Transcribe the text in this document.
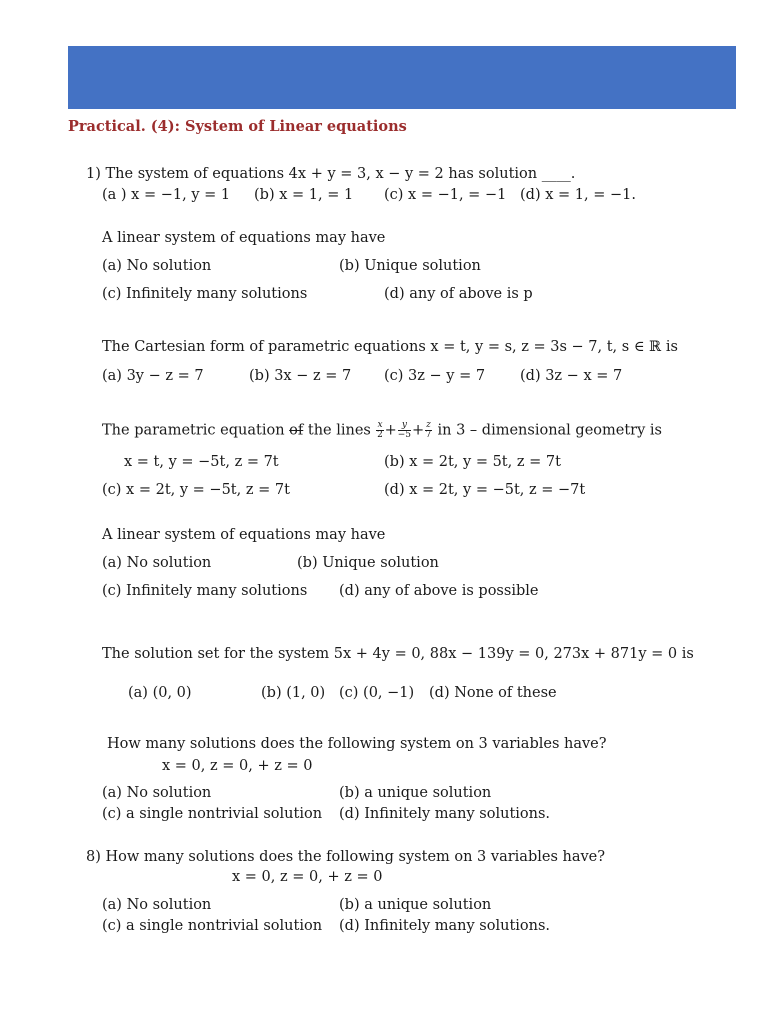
Practical. (4): System of Linear equations
1) The system of equations 4x + y = 3, x − y = 2 has solution ____.
(a ) x = −1, y = 1 (b) x = 1, = 1 (c) x = −1, = −1 (d) x = 1, = −1.
A linear system of equations may have
(a) No solution	(b) Unique solution
(c) Infinitely many solutions	(d) any of above is p
The Cartesian form of parametric equations x = t, y = s, z = 3s − 7, t, s ∈ ℝ is
(a) 3y − z = 7	(b) 3x − z = 7 (c) 3z − y = 7 (d) 3z − x = 7
The parametric equation of the lines $\frac{x}{2} + \frac{y}{-5} + \frac{z}{7}$ in 3 – dimensional geometry is
x = t, y = −5t, z = 7t	(b) x = 2t, y = 5t, z = 7t
(c) x = 2t, y = −5t, z = 7t	(d) x = 2t, y = −5t, z = −7t
A linear system of equations may have
(a) No solution	(b) Unique solution
(c) Infinitely many solutions (d) any of above is possible
The solution set for the system 5x + 4y = 0, 88x − 139y = 0, 273x + 871y = 0 is
(a) (0, 0)	(b) (1, 0) (c) (0, −1) (d) None of these
How many solutions does the following system on 3 variables have?
x = 0, z = 0, + z = 0
(a) No solution	(b) a unique solution
(c) a single nontrivial solution (d) Infinitely many solutions.
8) How many solutions does the following system on 3 variables have?
x = 0, z = 0, + z = 0
(a) No solution	(b) a unique solution
(c) a single nontrivial solution (d) Infinitely many solutions.
